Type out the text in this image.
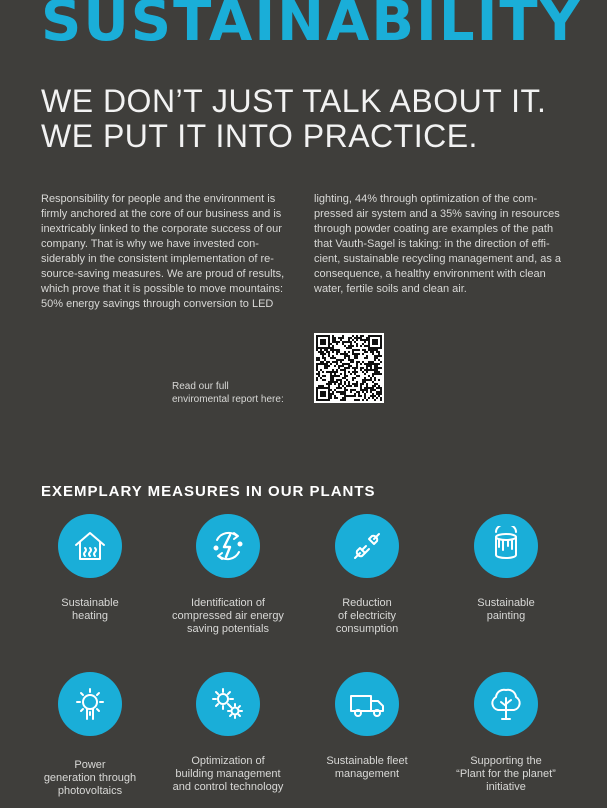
SUSTAINABILITY
WE DON’T JUST TALK ABOUT IT.
WE PUT IT INTO PRACTICE.
Responsibility for people and the environment is firmly anchored at the core of our business and is inextricably linked to the corporate success of our company. That is why we have invested con-siderably in the consistent implementation of re-source-saving measures. We are proud of results, which prove that it is possible to move mountains: 50% energy savings through conversion to LED
lighting, 44% through optimization of the com-pressed air system and a 35% saving in resources through powder coating are examples of the path that Vauth-Sagel is taking: in the direction of effi-cient, sustainable recycling management and, as a consequence, a healthy environment with clean water, fertile soils and clean air.
Read our full
enviromental report here:
EXEMPLARY MEASURES IN OUR PLANTS
Sustainable
heating
Identification of
compressed air energy
saving potentials
Reduction
of electricity
consumption
Sustainable
painting
Power
generation through
photovoltaics
Optimization of
building management
and control technology
Sustainable fleet
management
Supporting the
“Plant for the planet”
initiative
